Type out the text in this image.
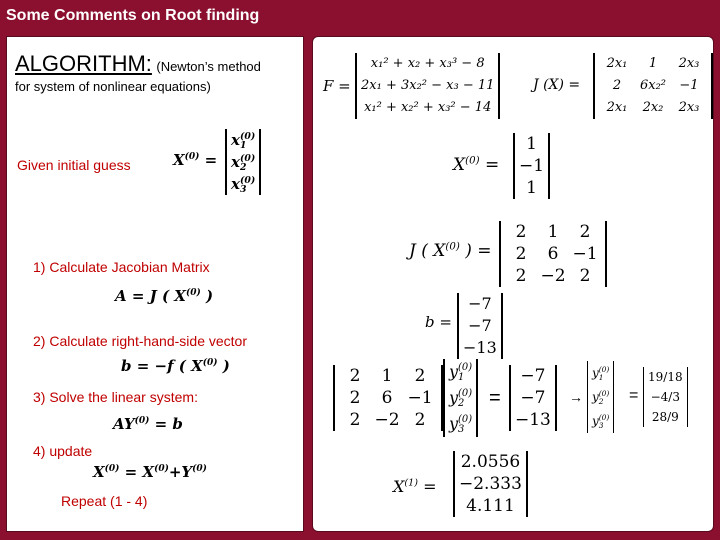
Some Comments on Root finding
ALGORITHM: (Newton’s method
for system of nonlinear equations)
Given initial guess	$X^{(0)}$ =
x (0)
1
x (0)
2
x (0)
3
1) Calculate Jacobian Matrix
A = J ( $X^{(0)}$ )
2) Calculate right-hand-side vector
b = −f ( $X^{(0)}$ )
3) Solve the linear system:
$AY^{(0)} = b$
4) update
$X^{(0)} = X^{(0)}+Y^{(0)}$
Repeat (1 - 4)
F =
x₁² + x₂ + x₃³ − 8
2x₁ + 3x₂² − x₃ − 11
x₁² + x₂² + x₃² − 14
J (X) =
2x₁	1	2x₃
2	6x₂²	−1
2x₁	2x₂	2x₃
$X^{(0)}$ =
1
−1
1
J ( $X^{(0)}$ ) =
2	1	2
2	6 −1
2 −2 2
b =
−7
−7
−13
2	1	2
2	6 −1
2 −2 2
y (0)
1
y (0)
2
y (0)
3
=
−7
−7
−13
→
y (0)
1
y (0)
2
y (0)
3
=
19/18
−4/3
28/9
$X^{(1)}$ =
2.0556
−2.333
4.111
